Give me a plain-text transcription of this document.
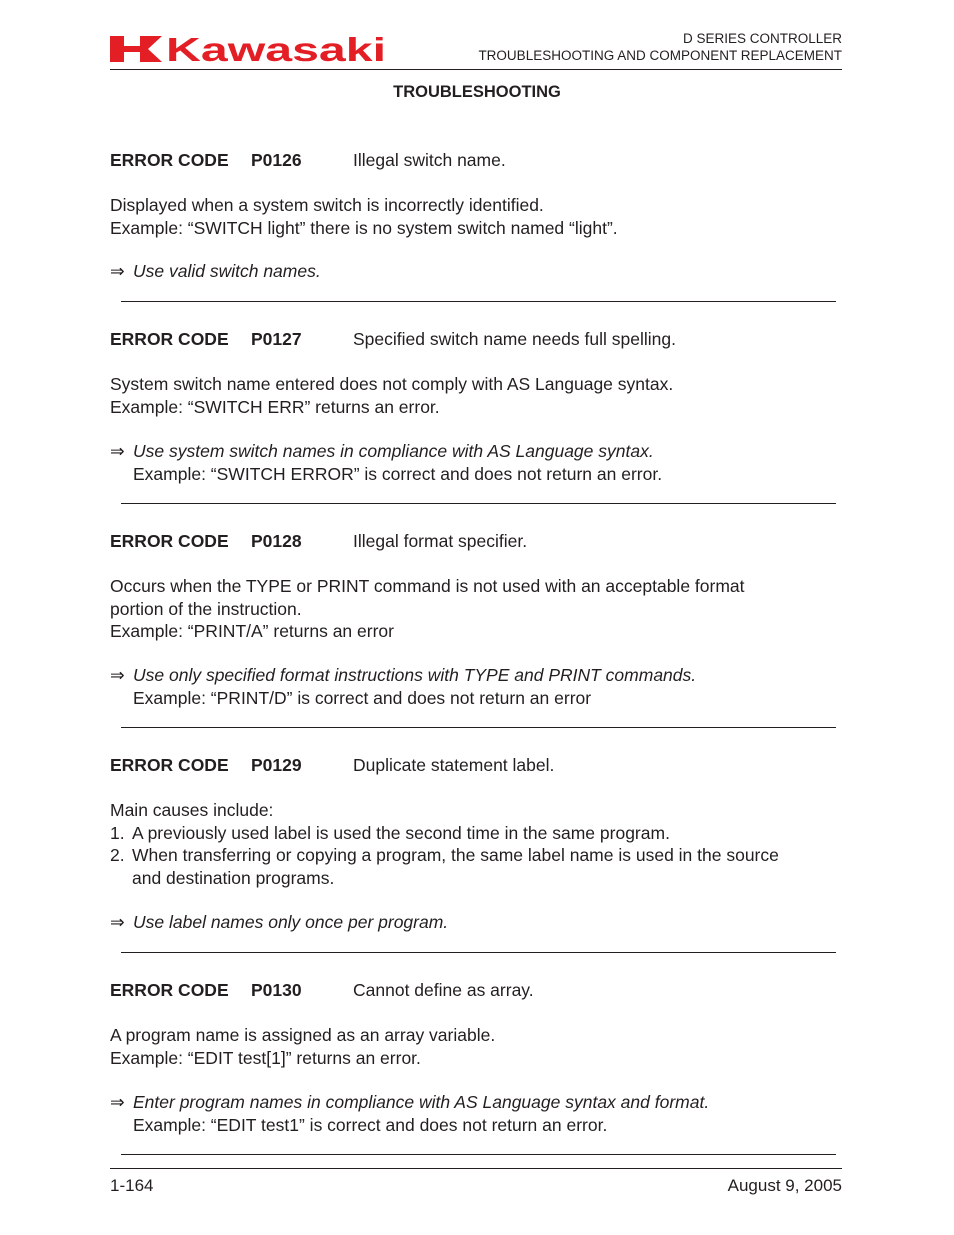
Kawasaki	D SERIES CONTROLLER
TROUBLESHOOTING AND COMPONENT REPLACEMENT
TROUBLESHOOTING
ERROR CODE P0126	Illegal switch name.
Displayed when a system switch is incorrectly identified.
Example: “SWITCH light” there is no system switch named “light”.
⇒ Use valid switch names.
ERROR CODE P0127	Specified switch name needs full spelling.
System switch name entered does not comply with AS Language syntax.
Example: “SWITCH ERR” returns an error.
⇒ Use system switch names in compliance with AS Language syntax.
Example: “SWITCH ERROR” is correct and does not return an error.
ERROR CODE P0128	Illegal format specifier.
Occurs when the TYPE or PRINT command is not used with an acceptable format
portion of the instruction.
Example: “PRINT/A” returns an error
⇒ Use only specified format instructions with TYPE and PRINT commands.
Example: “PRINT/D” is correct and does not return an error
ERROR CODE P0129	Duplicate statement label.
Main causes include:
1. A previously used label is used the second time in the same program.
2. When transferring or copying a program, the same label name is used in the source
and destination programs.
⇒ Use label names only once per program.
ERROR CODE P0130	Cannot define as array.
A program name is assigned as an array variable.
Example: “EDIT test[1]” returns an error.
⇒ Enter program names in compliance with AS Language syntax and format.
Example: “EDIT test1” is correct and does not return an error.
1-164	August 9, 2005
